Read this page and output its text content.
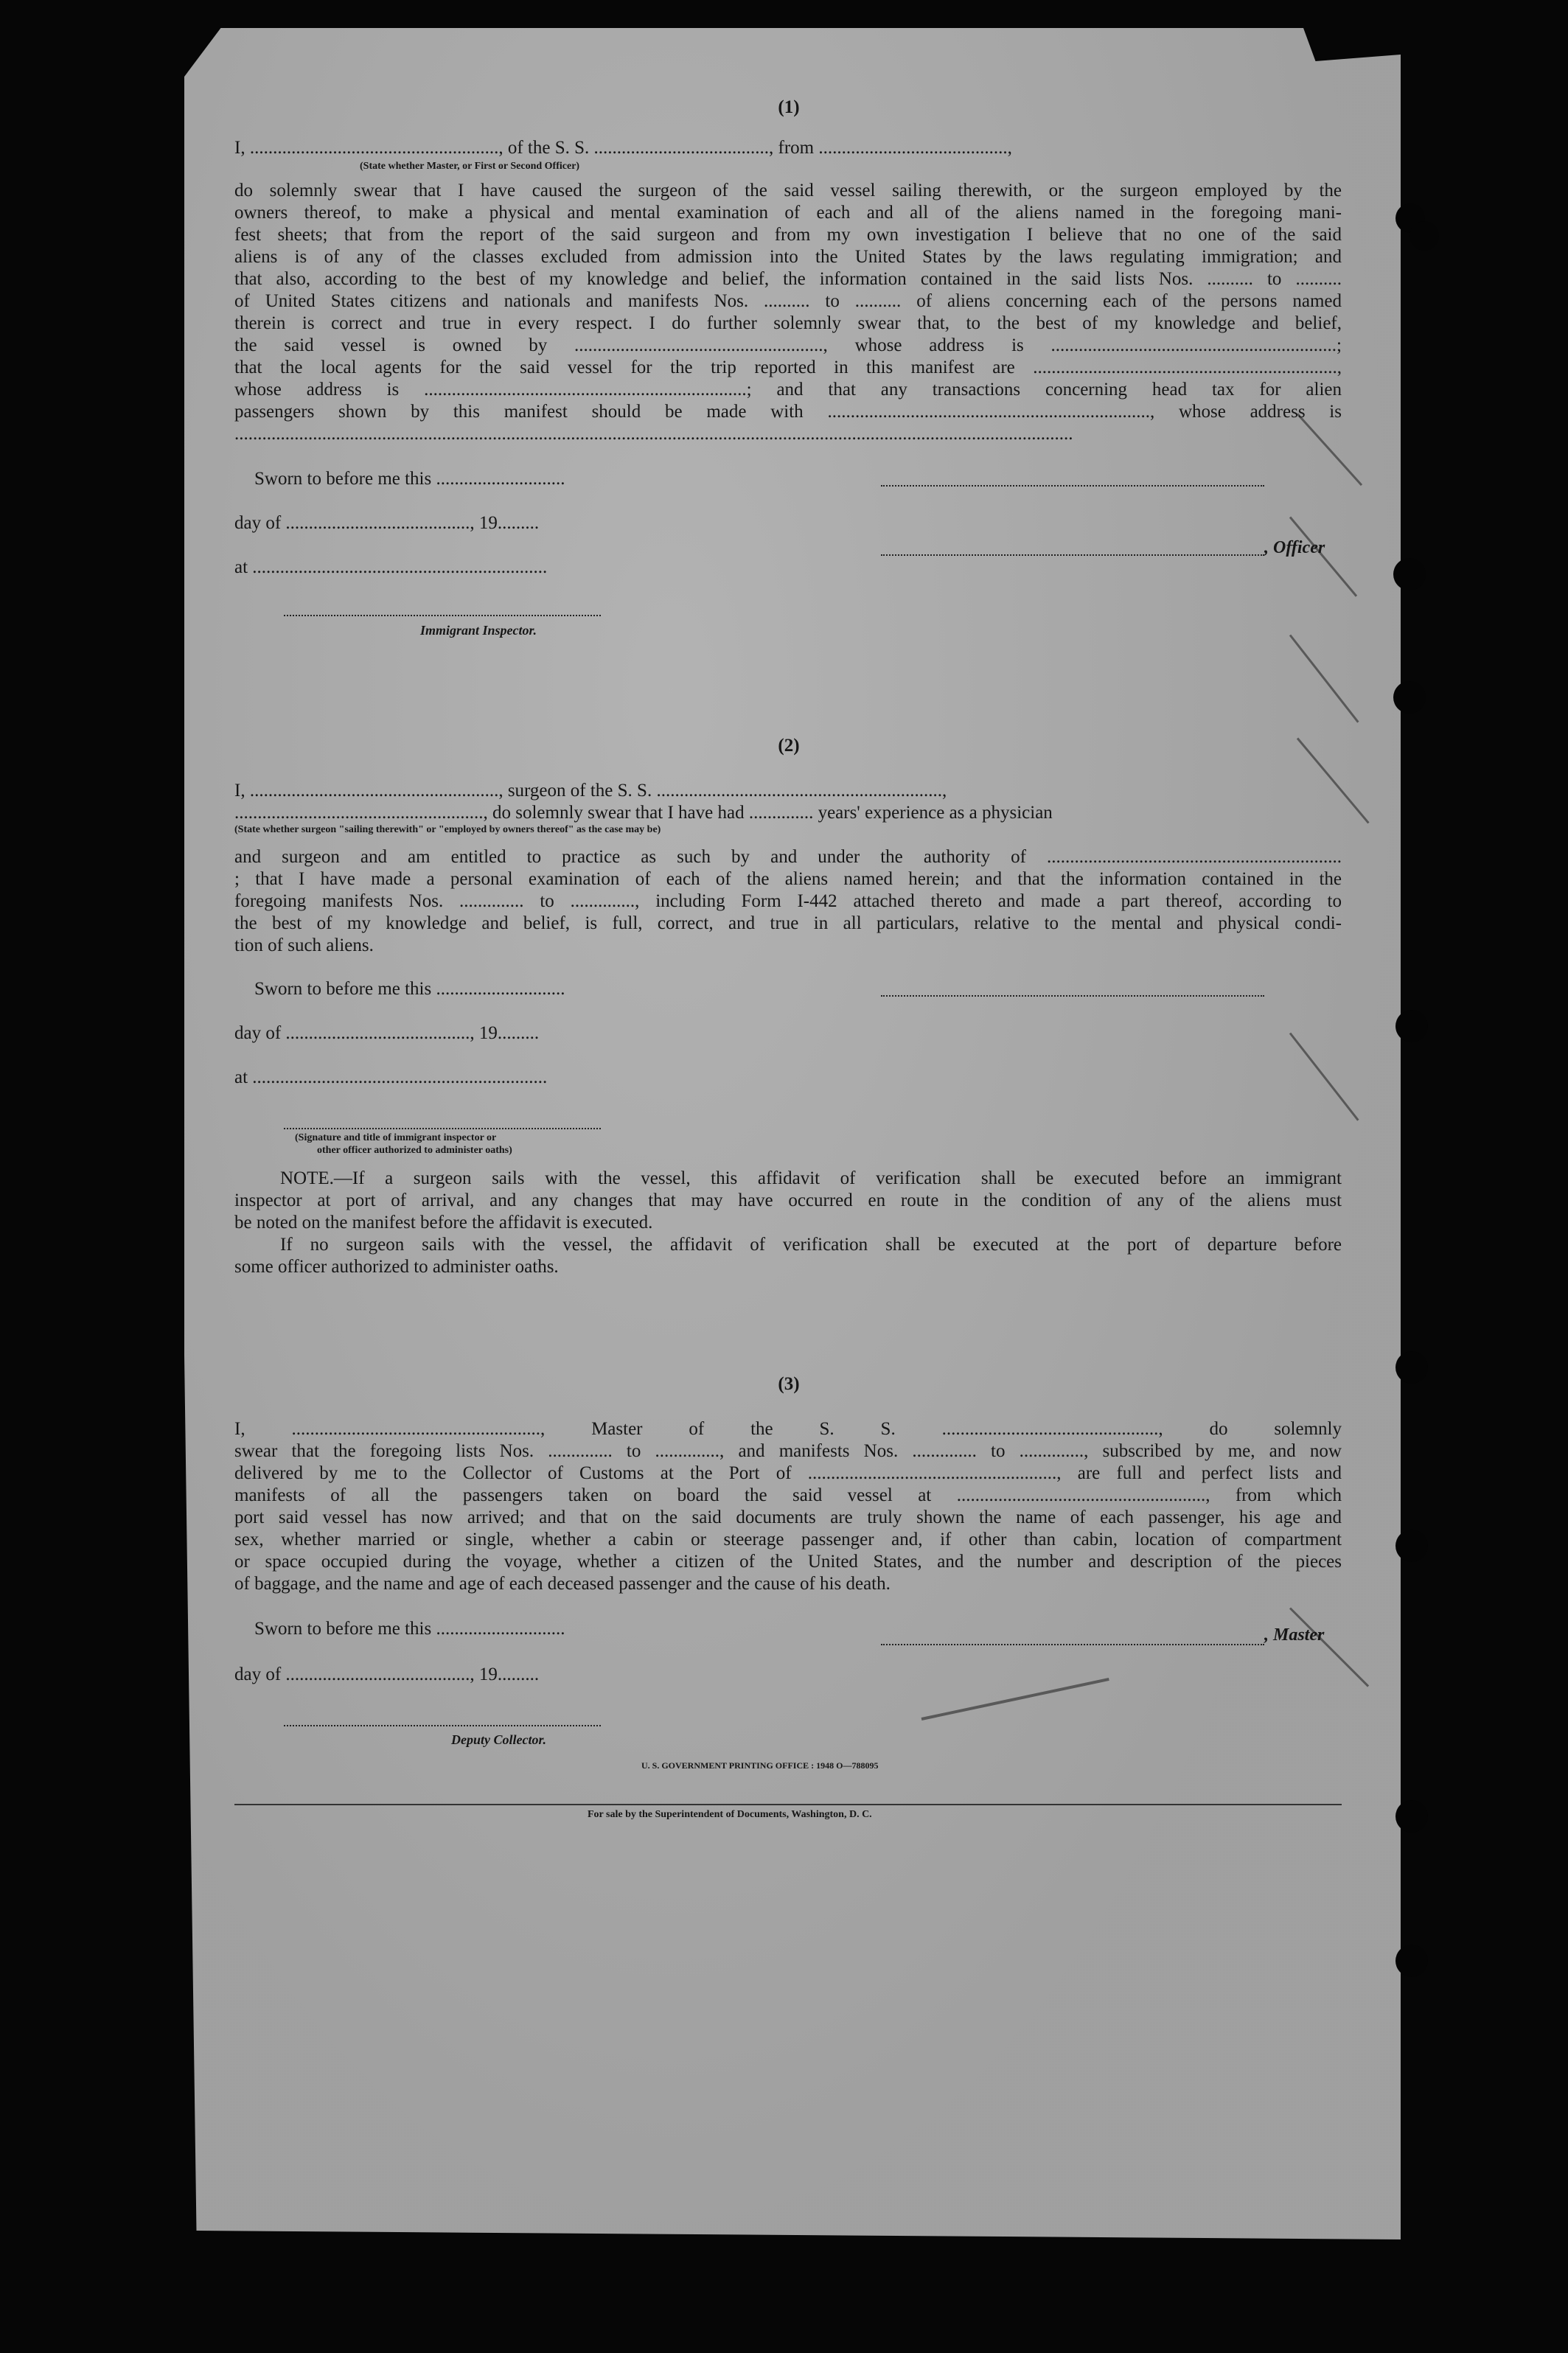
(1)
I, ......................................................, of the S. S. ......................................, from .........................................,
(State whether Master, or First or Second Officer)
do solemnly swear that I have caused the surgeon of the said vessel sailing therewith, or the surgeon employed by the
owners thereof, to make a physical and mental examination of each and all of the aliens named in the foregoing mani-
fest sheets; that from the report of the said surgeon and from my own investigation I believe that no one of the said
aliens is of any of the classes excluded from admission into the United States by the laws regulating immigration; and
that also, according to the best of my knowledge and belief, the information contained in the said lists Nos. .......... to ..........
of United States citizens and nationals and manifests Nos. .......... to .......... of aliens concerning each of the persons named
therein is correct and true in every respect. I do further solemnly swear that, to the best of my knowledge and belief,
the said vessel is owned by ......................................................, whose address is ..............................................................;
that the local agents for the said vessel for the trip reported in this manifest are ..................................................................,
whose address is ......................................................................; and that any transactions concerning head tax for alien
passengers shown by this manifest should be made with ......................................................................, whose address is
......................................................................................................................................................................................
Sworn to before me this ............................
day of ........................................, 19.........
at ................................................................
Immigrant Inspector.
, Officer
(2)
I, ......................................................, surgeon of the S. S. ..............................................................,
......................................................, do solemnly swear that I have had .............. years' experience as a physician
(State whether surgeon "sailing therewith" or "employed by owners thereof" as the case may be)
and surgeon and am entitled to practice as such by and under the authority of ................................................................
; that I have made a personal examination of each of the aliens named herein; and that the information contained in the
foregoing manifests Nos. .............. to .............., including Form I-442 attached thereto and made a part thereof, according to
the best of my knowledge and belief, is full, correct, and true in all particulars, relative to the mental and physical condi-
tion of such aliens.
Sworn to before me this ............................
day of ........................................, 19.........
at ................................................................
(Signature and title of immigrant inspector or
other officer authorized to administer oaths)
NOTE.—If a surgeon sails with the vessel, this affidavit of verification shall be executed before an immigrant
inspector at port of arrival, and any changes that may have occurred en route in the condition of any of the aliens must
be noted on the manifest before the affidavit is executed.
If no surgeon sails with the vessel, the affidavit of verification shall be executed at the port of departure before
some officer authorized to administer oaths.
(3)
I, ......................................................, Master of the S. S. ..............................................., do solemnly
swear that the foregoing lists Nos. .............. to .............., and manifests Nos. .............. to .............., subscribed by me, and now
delivered by me to the Collector of Customs at the Port of ......................................................, are full and perfect lists and
manifests of all the passengers taken on board the said vessel at ......................................................, from which
port said vessel has now arrived; and that on the said documents are truly shown the name of each passenger, his age and
sex, whether married or single, whether a cabin or steerage passenger and, if other than cabin, location of compartment
or space occupied during the voyage, whether a citizen of the United States, and the number and description of the pieces
of baggage, and the name and age of each deceased passenger and the cause of his death.
Sworn to before me this ............................
day of ........................................, 19.........
, Master
Deputy Collector.
U. S. GOVERNMENT PRINTING OFFICE : 1948 O—788095
For sale by the Superintendent of Documents, Washington, D. C.
